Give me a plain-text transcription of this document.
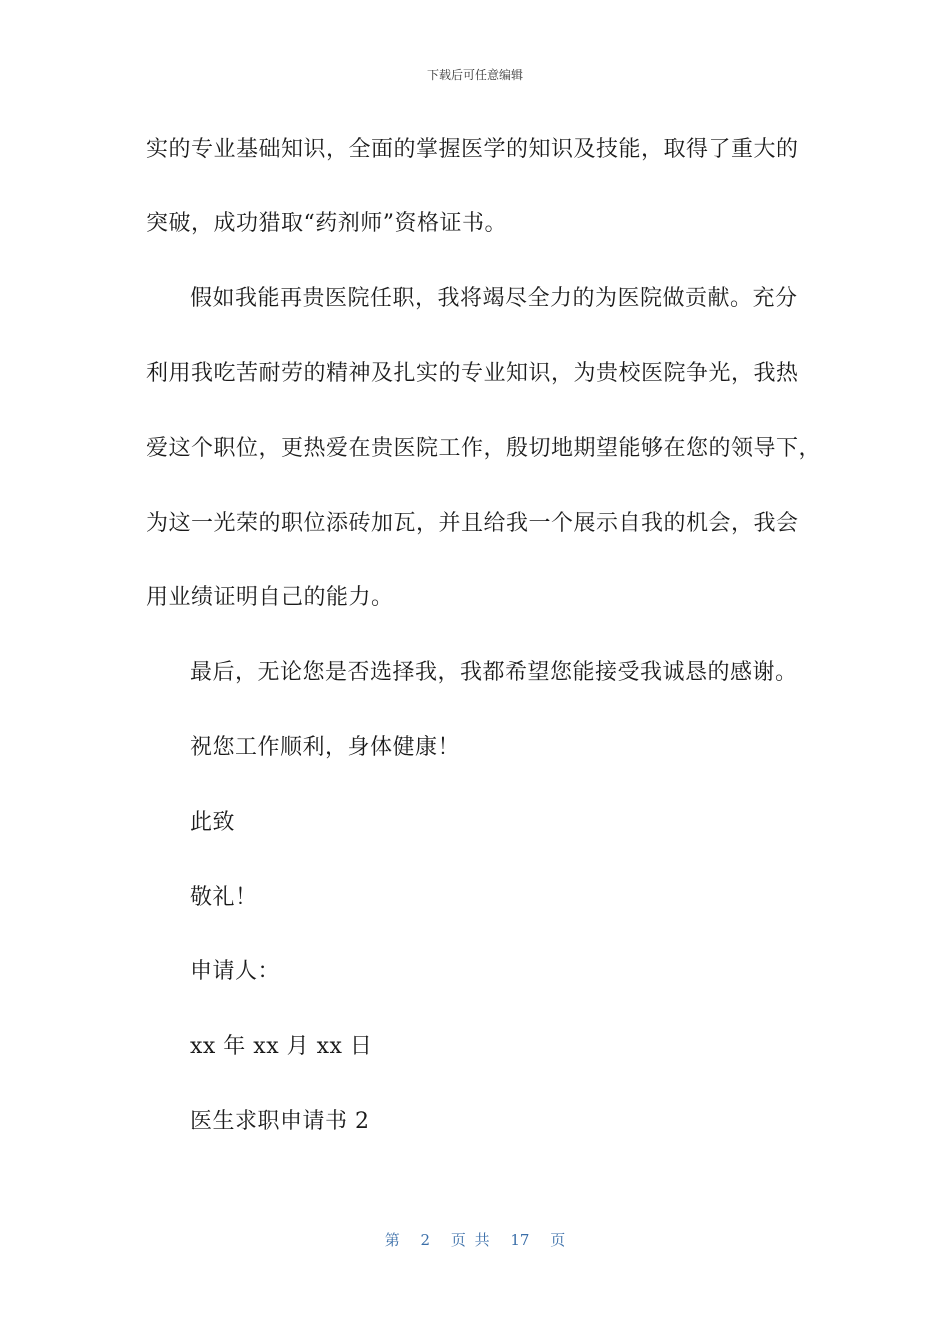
下载后可任意编辑
实的专业基础知识，全面的掌握医学的知识及技能，取得了重大的
突破，成功猎取“药剂师”资格证书。
假如我能再贵医院任职，我将竭尽全力的为医院做贡献。充分
利用我吃苦耐劳的精神及扎实的专业知识，为贵校医院争光，我热
爱这个职位，更热爱在贵医院工作，殷切地期望能够在您的领导下，
为这一光荣的职位添砖加瓦，并且给我一个展示自我的机会，我会
用业绩证明自己的能力。
最后，无论您是否选择我，我都希望您能接受我诚恳的感谢。
祝您工作顺利，身体健康！
此致
敬礼！
申请人：
xx 年 xx 月 xx 日
医生求职申请书 2
第 2 页 共 17 页
